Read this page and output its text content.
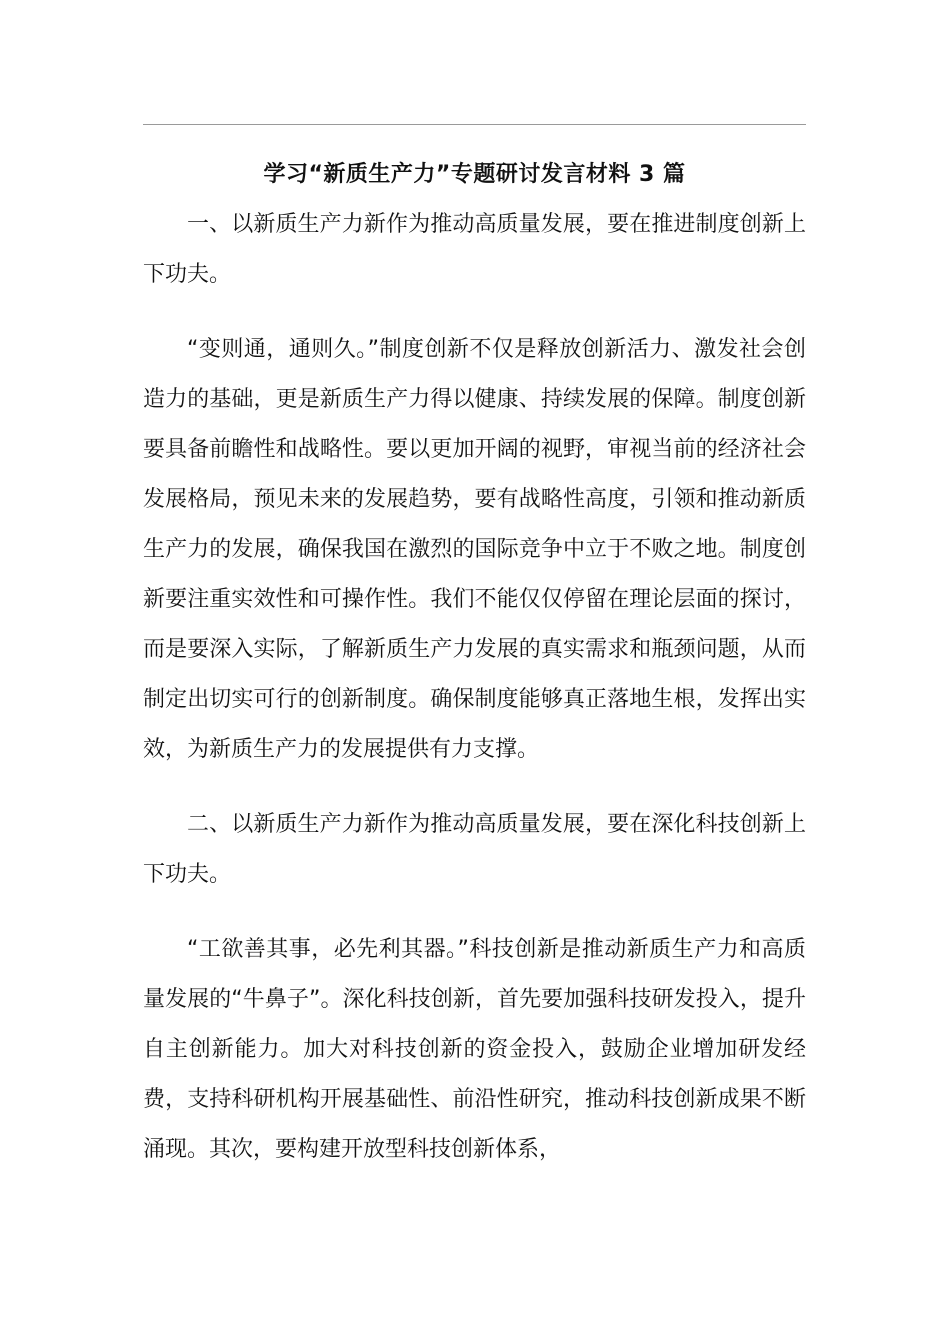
学习“新质生产力”专题研讨发言材料 3 篇

一、以新质生产力新作为推动高质量发展，要在推进制度创新上下功夫。

“变则通，通则久。”制度创新不仅是释放创新活力、激发社会创造力的基础，更是新质生产力得以健康、持续发展的保障。制度创新要具备前瞻性和战略性。要以更加开阔的视野，审视当前的经济社会发展格局，预见未来的发展趋势，要有战略性高度，引领和推动新质生产力的发展，确保我国在激烈的国际竞争中立于不败之地。制度创新要注重实效性和可操作性。我们不能仅仅停留在理论层面的探讨，而是要深入实际，了解新质生产力发展的真实需求和瓶颈问题，从而制定出切实可行的创新制度。确保制度能够真正落地生根，发挥出实效，为新质生产力的发展提供有力支撑。

二、以新质生产力新作为推动高质量发展，要在深化科技创新上下功夫。

“工欲善其事，必先利其器。”科技创新是推动新质生产力和高质量发展的“牛鼻子”。深化科技创新，首先要加强科技研发投入，提升自主创新能力。加大对科技创新的资金投入，鼓励企业增加研发经费，支持科研机构开展基础性、前沿性研究，推动科技创新成果不断涌现。其次，要构建开放型科技创新体系，
